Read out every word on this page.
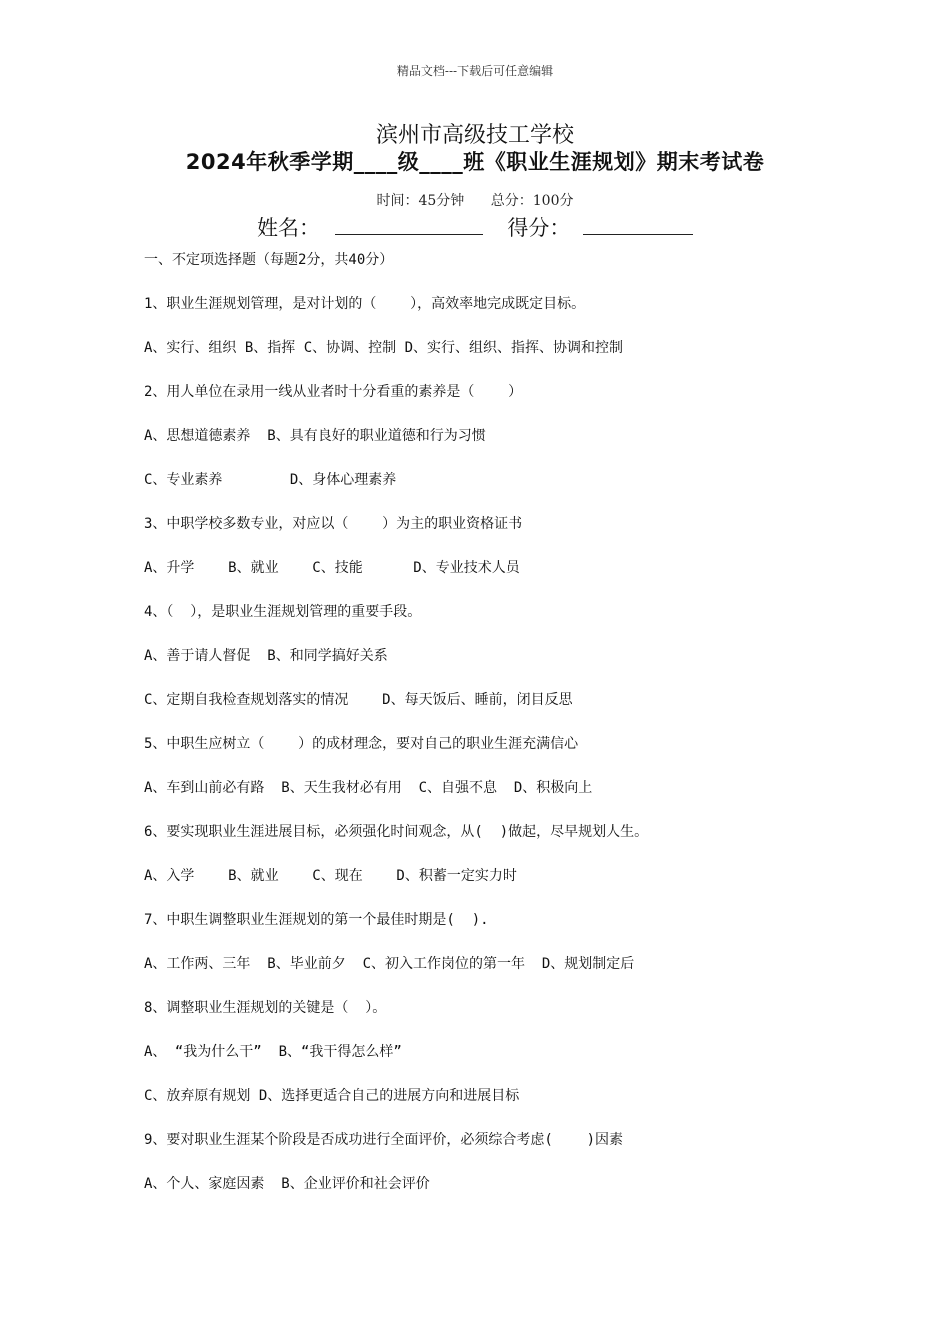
精品文档---下载后可任意编辑
滨州市高级技工学校
2024年秋季学期____级____班《职业生涯规划》期末考试卷
时间：45分钟 总分：100分
姓名：	得分：
一、不定项选择题（每题2分，共40分）
1、职业生涯规划管理，是对计划的（    ），高效率地完成既定目标。
A、实行、组织 B、指挥 C、协调、控制 D、实行、组织、指挥、协调和控制
2、用人单位在录用一线从业者时十分看重的素养是（    ）
A、思想道德素养  B、具有良好的职业道德和行为习惯
C、专业素养        D、身体心理素养
3、中职学校多数专业，对应以（    ）为主的职业资格证书
A、升学    B、就业    C、技能      D、专业技术人员
4、（  ），是职业生涯规划管理的重要手段。
A、善于请人督促  B、和同学搞好关系
C、定期自我检查规划落实的情况    D、每天饭后、睡前，闭目反思
5、中职生应树立（    ）的成材理念，要对自己的职业生涯充满信心
A、车到山前必有路  B、天生我材必有用  C、自强不息  D、积极向上
6、要实现职业生涯进展目标，必须强化时间观念，从(  )做起，尽早规划人生。
A、入学    B、就业    C、现在    D、积蓄一定实力时
7、中职生调整职业生涯规划的第一个最佳时期是(  ).
A、工作两、三年  B、毕业前夕  C、初入工作岗位的第一年  D、规划制定后
8、调整职业生涯规划的关键是（  ）。
A、 “我为什么干”  B、“我干得怎么样”
C、放弃原有规划 D、选择更适合自己的进展方向和进展目标
9、要对职业生涯某个阶段是否成功进行全面评价，必须综合考虑(    )因素
A、个人、家庭因素  B、企业评价和社会评价
